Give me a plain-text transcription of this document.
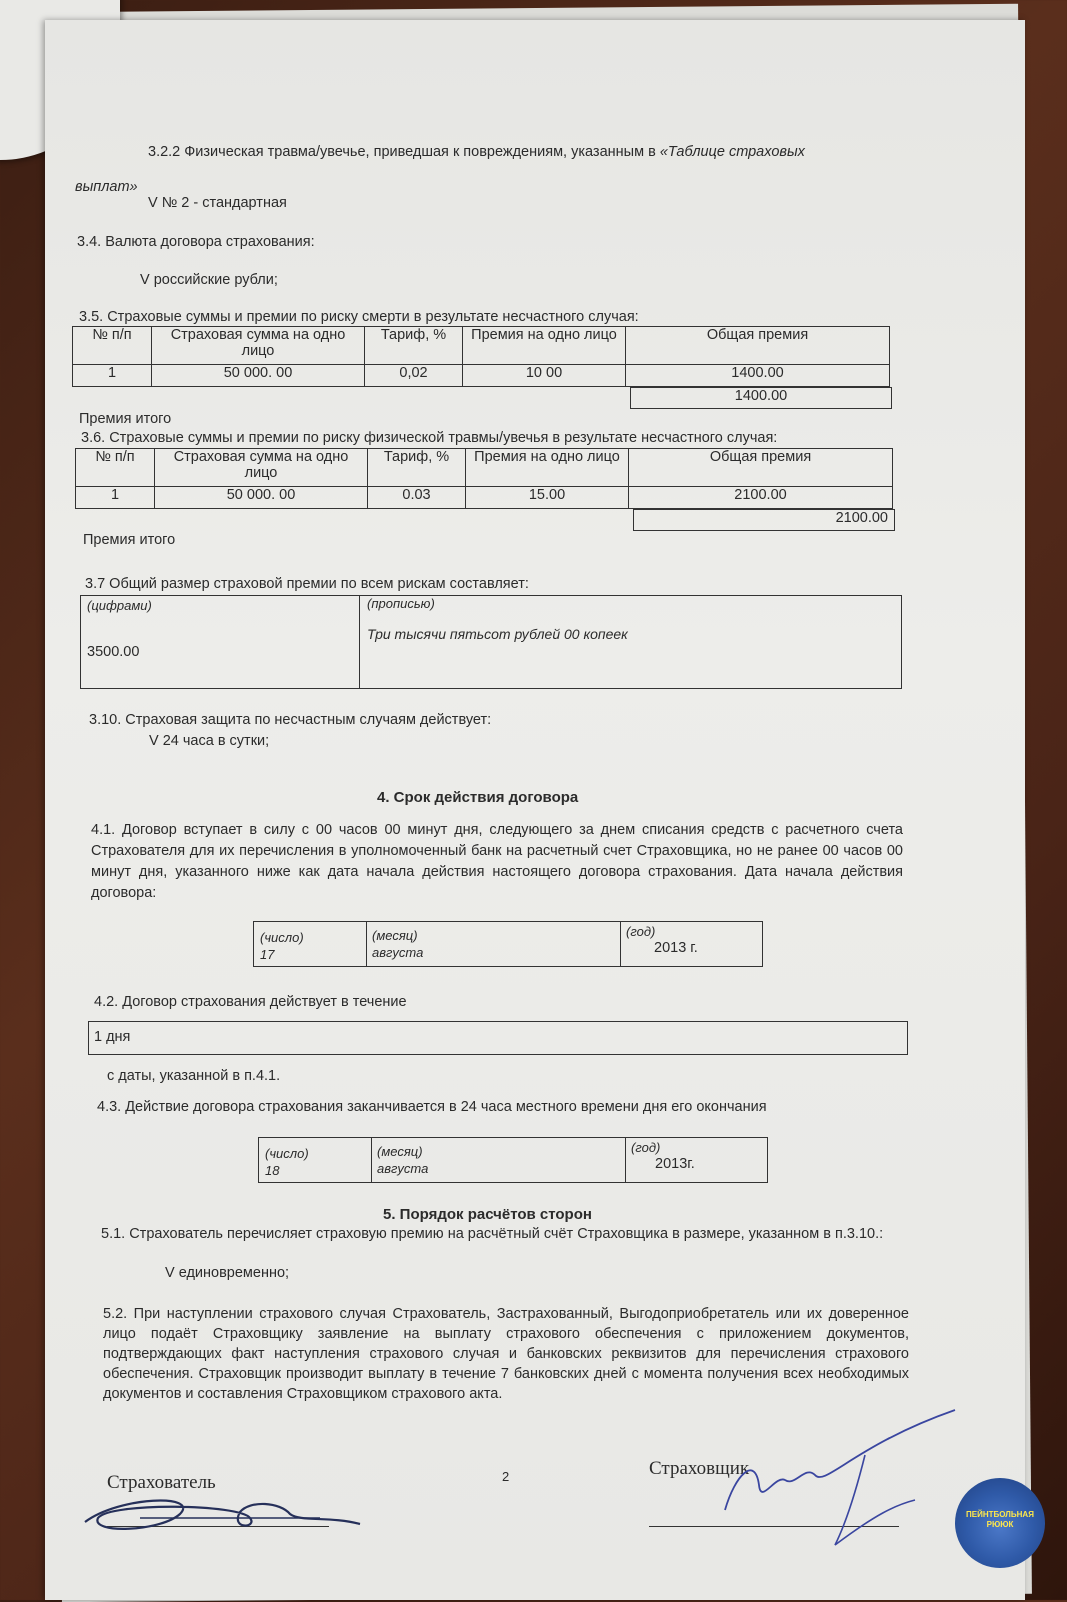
3.2.2 Физическая травма/увечье, приведшая к повреждениям, указанным в «Таблице страховых
выплат»
V № 2 - стандартная
3.4. Валюта договора страхования:
V российские рубли;
3.5. Страховые суммы и премии по риску смерти в результате несчастного случая:
№ п/п	Страховая сумма на одно лицо	Тариф, %	Премия на одно лицо	Общая премия
1	50 000. 00	0,02	10 00	1400.00
1400.00
Премия итого
3.6. Страховые суммы и премии по риску физической травмы/увечья в результате несчастного случая:
№ п/п	Страховая сумма на одно лицо	Тариф, %	Премия на одно лицо	Общая премия
1	50 000. 00	0.03	15.00	2100.00
2100.00
Премия итого
3.7 Общий размер страховой премии по всем рискам составляет:
(цифрами)
3500.00
(прописью)
Три тысячи пятьсот рублей 00 копеек
3.10. Страховая защита по несчастным случаям действует:
V 24 часа в сутки;
4. Срок действия договора
4.1. Договор вступает в силу с 00 часов 00 минут дня, следующего за днем списания средств с расчетного счета Страхователя для их перечисления в уполномоченный банк на расчетный счет Страховщика, но не ранее 00 часов 00 минут дня, указанного ниже как дата начала действия настоящего договора страхования. Дата начала действия договора:
(число)
17
(месяц)
августа
(год)
2013 г.
4.2. Договор страхования действует в течение
1 дня
с даты, указанной в п.4.1.
4.3. Действие договора страхования заканчивается в 24 часа местного времени дня его окончания
(число)
18
(месяц)
августа
(год)
2013г.
5. Порядок расчётов сторон
5.1. Страхователь перечисляет страховую премию на расчётный счёт Страховщика в размере, указанном в п.3.10.:
V единовременно;
5.2. При наступлении страхового случая Страхователь, Застрахованный, Выгодоприобретатель или их доверенное лицо подаёт Страховщику заявление на выплату страхового обеспечения с приложением документов, подтверждающих факт наступления страхового случая и банковских реквизитов для перечисления страхового обеспечения. Страховщик производит выплату в течение 7 банковских дней с момента получения всех необходимых документов и составления Страховщиком страхового акта.
Страхователь	2	Страховщик
ПЕЙНТБОЛЬНАЯ РЮЮК
